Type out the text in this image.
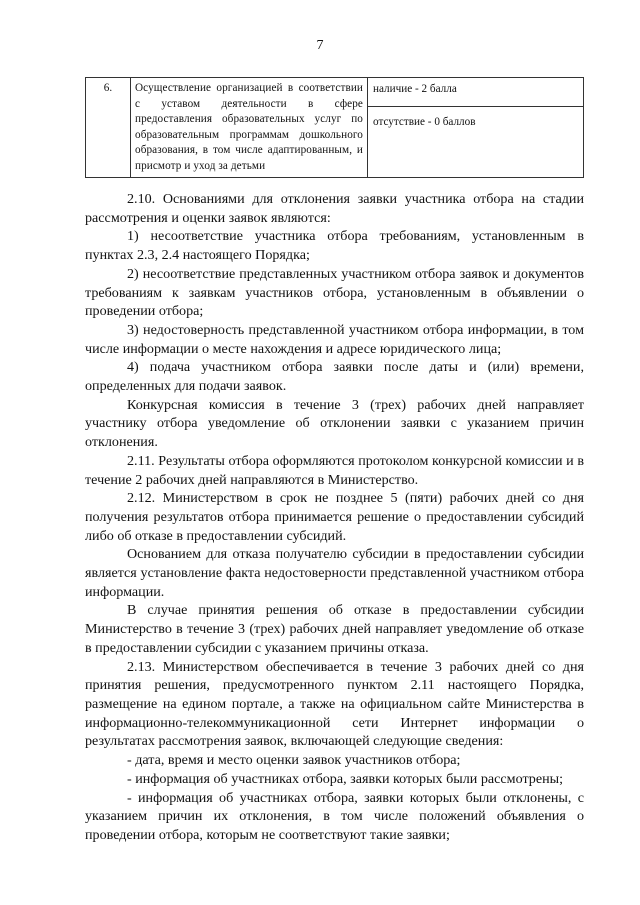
7
6.	Осуществление организацией в соответствии с уставом деятельности в сфере предоставления образовательных услуг по образовательным программам дошкольного образования, в том числе адаптированным, и присмотр и уход за детьми	
наличие - 2 балла
отсутствие - 0 баллов

2.10. Основаниями для отклонения заявки участника отбора на стадии рассмотрения и оценки заявок являются:

1) несоответствие участника отбора требованиям, установленным в пунктах 2.3, 2.4 настоящего Порядка;

2) несоответствие представленных участником отбора заявок и документов требованиям к заявкам участников отбора, установленным в объявлении о проведении отбора;

3) недостоверность представленной участником отбора информации, в том числе информации о месте нахождения и адресе юридического лица;

4) подача участником отбора заявки после даты и (или) времени, определенных для подачи заявок.

Конкурсная комиссия в течение 3 (трех) рабочих дней направляет участнику отбора уведомление об отклонении заявки с указанием причин отклонения.

2.11. Результаты отбора оформляются протоколом конкурсной комиссии и в течение 2 рабочих дней направляются в Министерство.

2.12. Министерством в срок не позднее 5 (пяти) рабочих дней со дня получения результатов отбора принимается решение о предоставлении субсидий либо об отказе в предоставлении субсидий.

Основанием для отказа получателю субсидии в предоставлении субсидии является установление факта недостоверности представленной участником отбора информации.

В случае принятия решения об отказе в предоставлении субсидии Министерство в течение 3 (трех) рабочих дней направляет уведомление об отказе в предоставлении субсидии с указанием причины отказа.

2.13. Министерством обеспечивается в течение 3 рабочих дней со дня принятия решения, предусмотренного пунктом 2.11 настоящего Порядка, размещение на едином портале, а также на официальном сайте Министерства в информационно-телекоммуникационной сети Интернет информации о результатах рассмотрения заявок, включающей следующие сведения:

- дата, время и место оценки заявок участников отбора;

- информация об участниках отбора, заявки которых были рассмотрены;

- информация об участниках отбора, заявки которых были отклонены, с указанием причин их отклонения, в том числе положений объявления о проведении отбора, которым не соответствуют такие заявки;
